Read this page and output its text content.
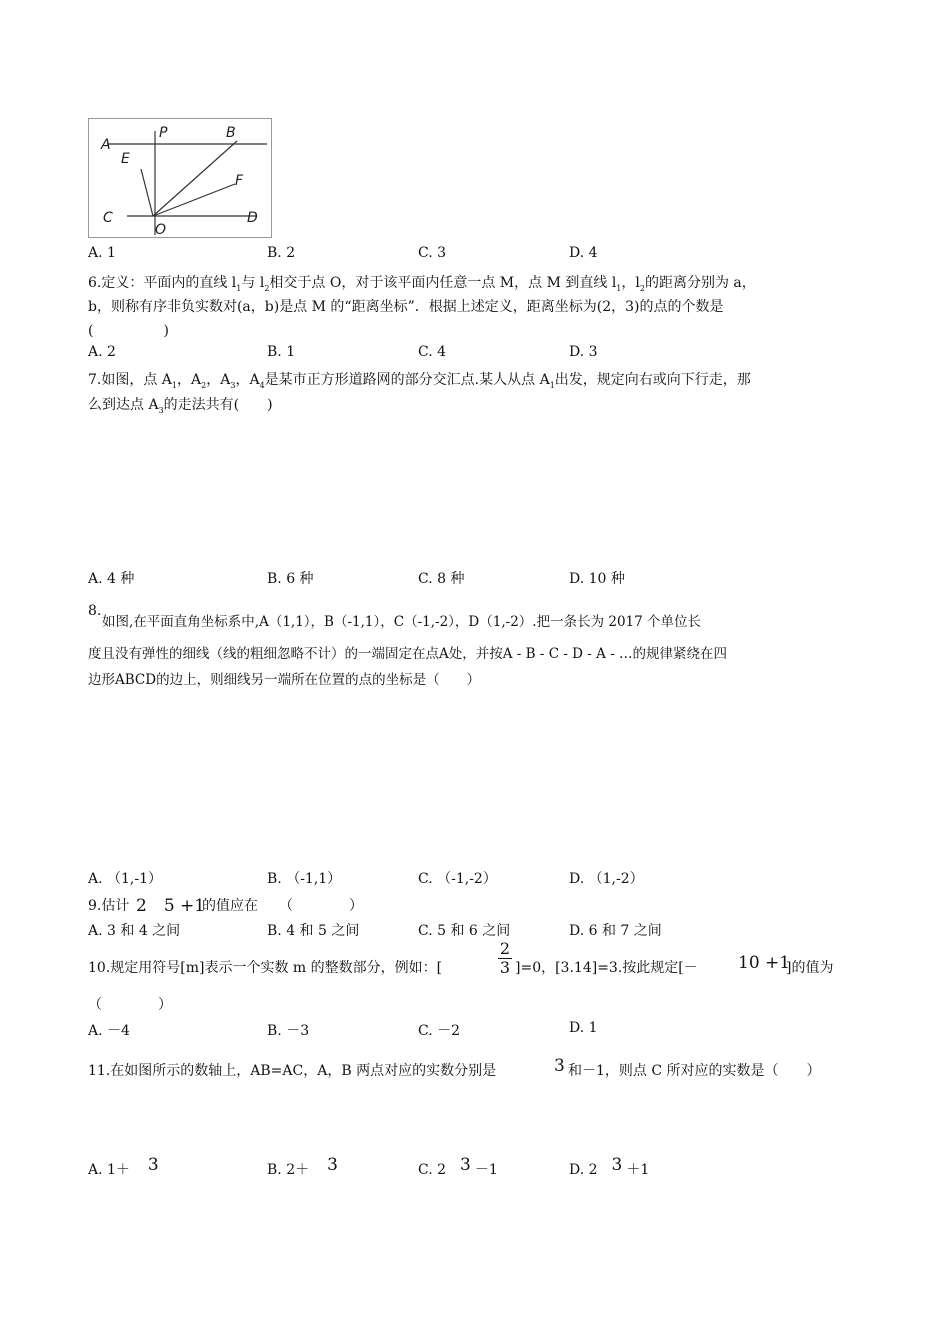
A
P	B
E
F
C
O
D
A. 1	B. 2	C. 3	D. 4
6.定义：平面内的直线 $l_1$与 $l_2$相交于点 O，对于该平面内任意一点 M，点 M 到直线 $l_1$，$l_2$的距离分别为 a，
b，则称有序非负实数对(a，b)是点 M 的“距离坐标”．根据上述定义，距离坐标为(2，3)的点的个数是
(　　　　　)
A. 2	B. 1	C. 4	D. 3
7.如图，点 $A_1$，$A_2$，$A_3$，$A_4$是某市正方形道路网的部分交汇点.某人从点 $A_1$出发，规定向右或向下行走，那
么到达点 $A_3$的走法共有(　　)
A. 4 种	B. 6 种	C. 8 种	D. 10 种
8.
如图,在平面直角坐标系中,A（1,1），B（-1,1），C（-1,-2），D（1,-2）.把一条长为 2017 个单位长
度且没有弹性的细线（线的粗细忽略不计）的一端固定在点A处，并按A - B - C - D - A - …的规律紧绕在四
边形ABCD的边上，则细线另一端所在位置的点的坐标是（　　）
A. （1,-1）	B. （-1,1）	C. （-1,-2）	D. （1,-2）
9.估计 2　5 +1
的值应在　　（　　　　）
A. 3 和 4 之间	B. 4 和 5 之间	C. 5 和 6 之间	D. 6 和 7 之间
10.规定用符号[m]表示一个实数 m 的整数部分，例如：[	$\frac{2}{3} ]=0$，[3.14]=3.按此规定[－ 10 +1
]的值为
（　　　　）
A. －4	B. －3	C. －2	D. 1
11.在如图所示的数轴上，AB=AC，A，B 两点对应的实数分别是	3 和－1，则点 C 所对应的实数是（　　）
A. 1＋ 3	B. 2＋ 3	C. 2 3 －1	D. 2 3 ＋1
